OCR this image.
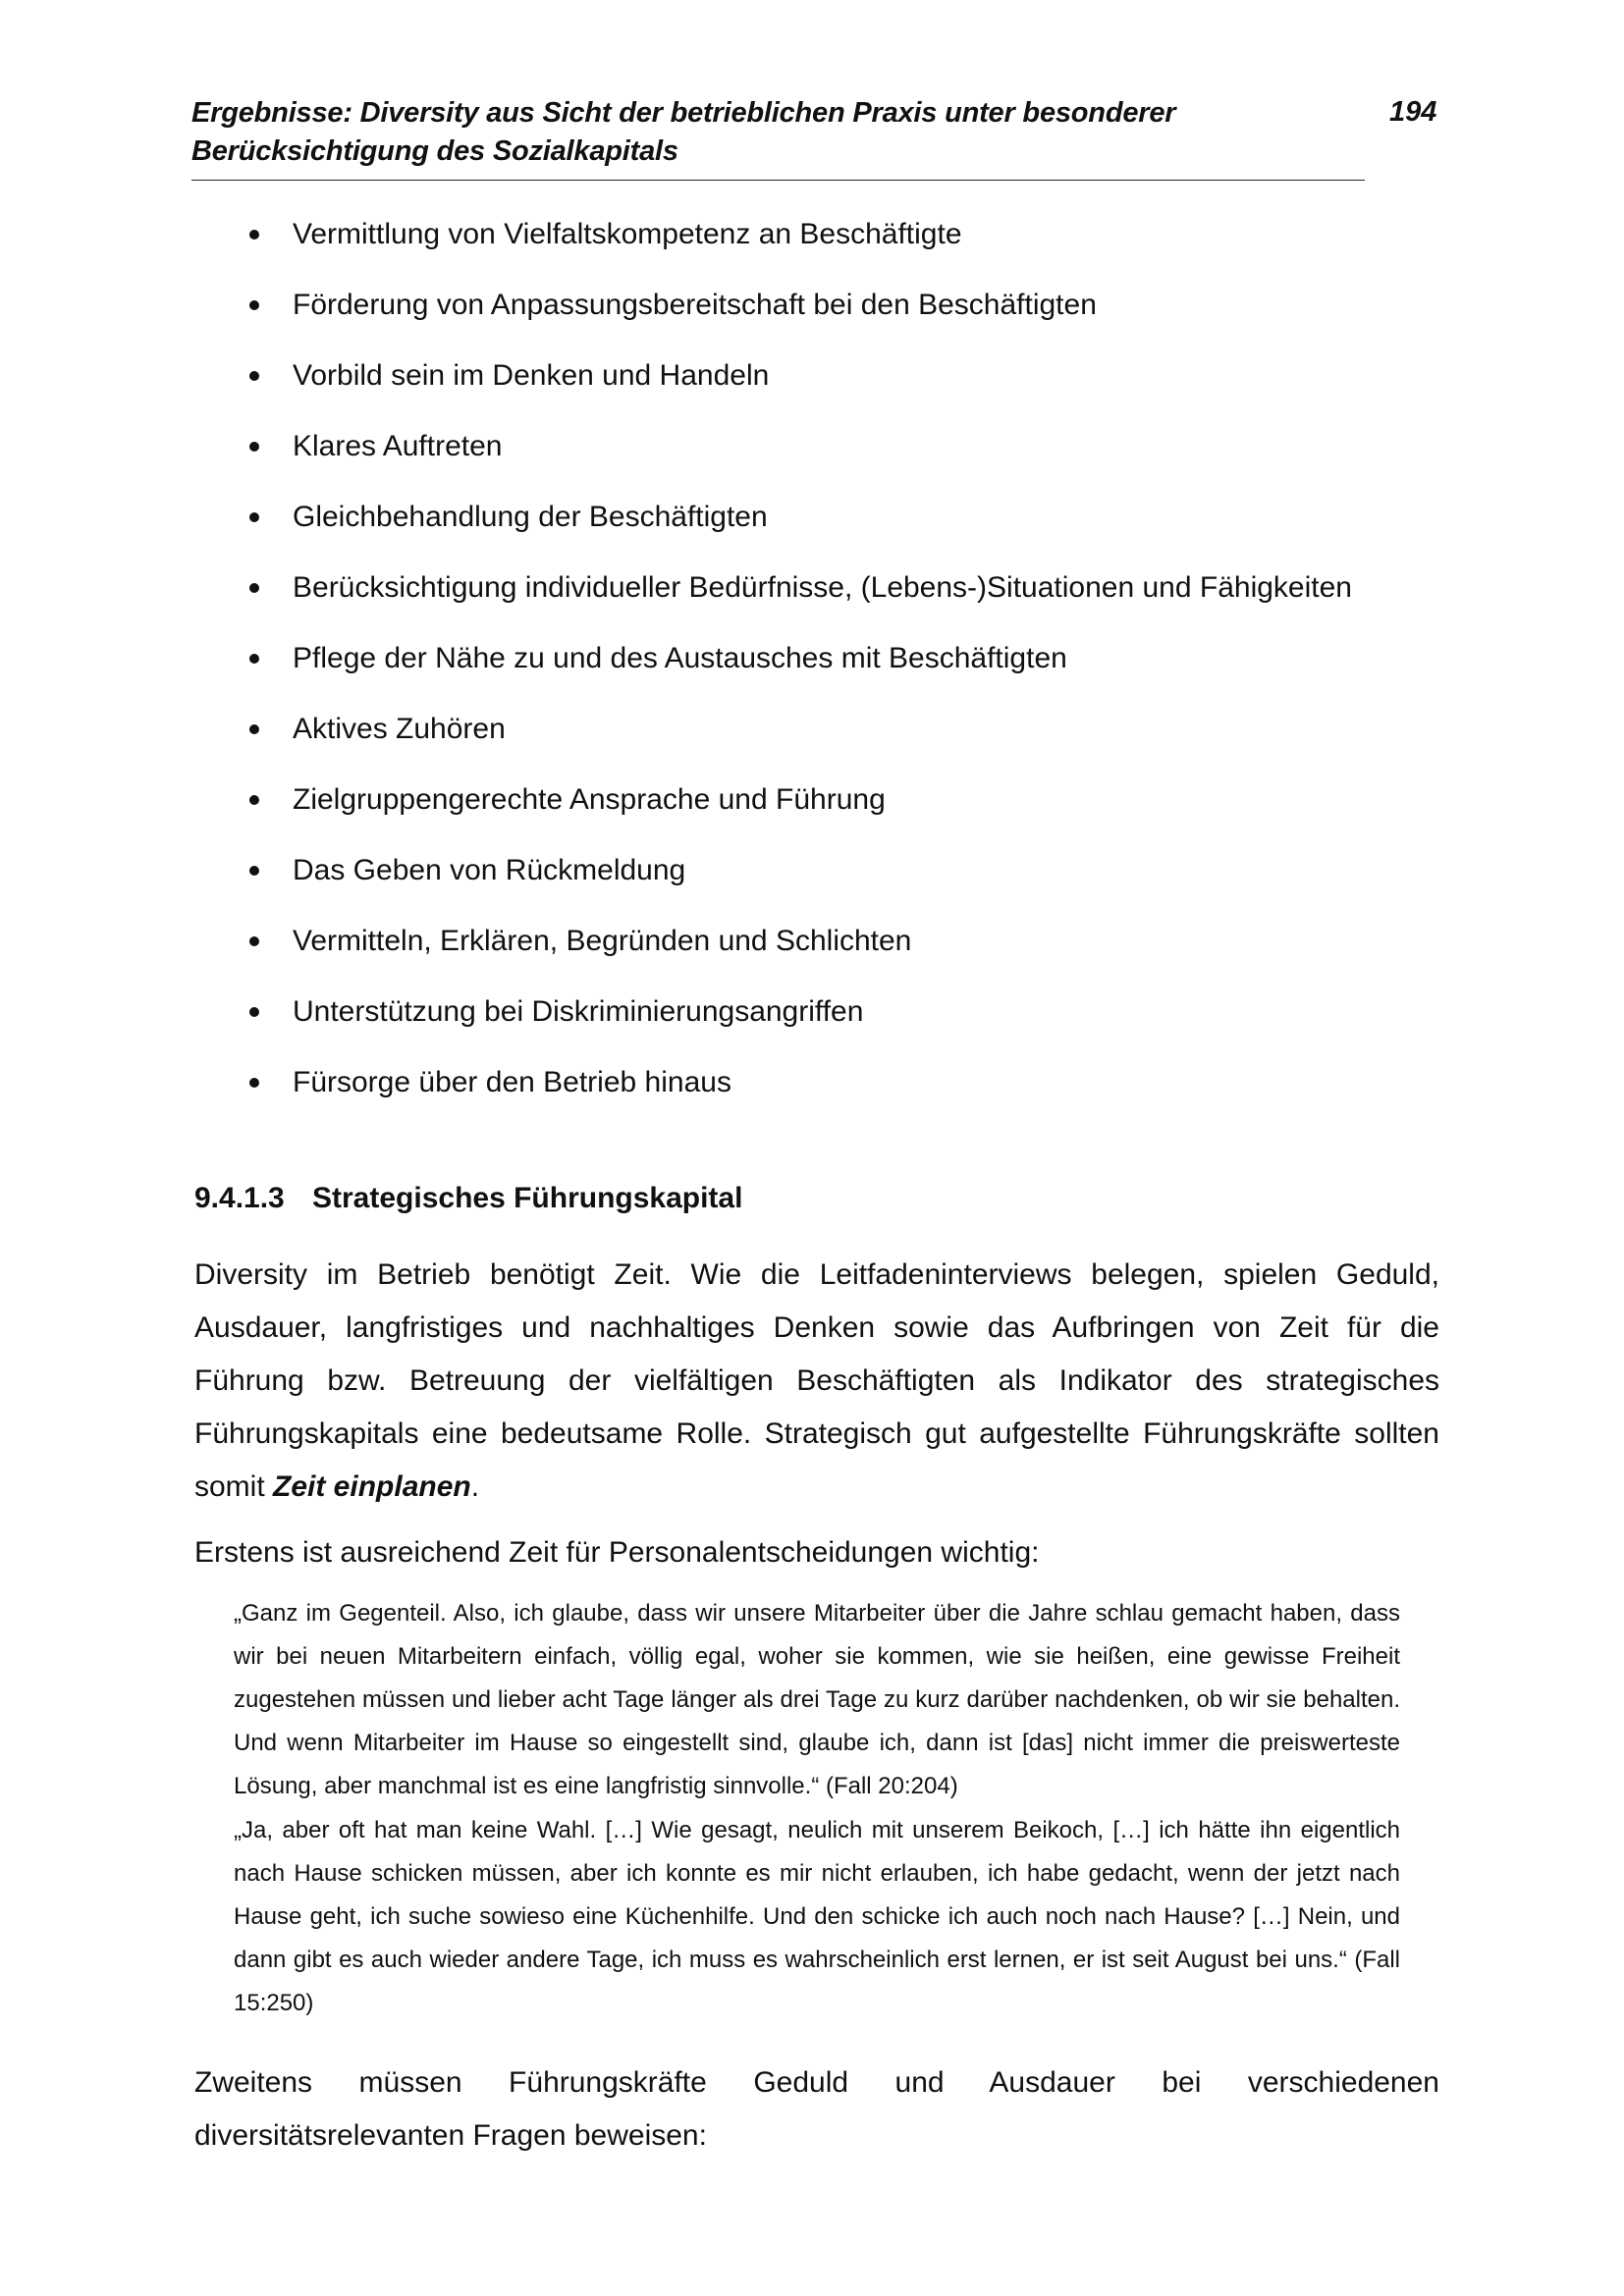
Ergebnisse: Diversity aus Sicht der betrieblichen Praxis unter besonderer
Berücksichtigung des Sozialkapitals
194
Vermittlung von Vielfaltskompetenz an Beschäftigte
Förderung von Anpassungsbereitschaft bei den Beschäftigten
Vorbild sein im Denken und Handeln
Klares Auftreten
Gleichbehandlung der Beschäftigten
Berücksichtigung individueller Bedürfnisse, (Lebens-)Situationen und Fähigkeiten
Pflege der Nähe zu und des Austausches mit Beschäftigten
Aktives Zuhören
Zielgruppengerechte Ansprache und Führung
Das Geben von Rückmeldung
Vermitteln, Erklären, Begründen und Schlichten
Unterstützung bei Diskriminierungsangriffen
Fürsorge über den Betrieb hinaus
9.4.1.3 Strategisches Führungskapital

Diversity im Betrieb benötigt Zeit. Wie die Leitfadeninterviews belegen, spielen Geduld, Ausdauer, langfristiges und nachhaltiges Denken sowie das Aufbringen von Zeit für die Führung bzw. Betreuung der vielfältigen Beschäftigten als Indikator des strategisches Führungskapitals eine bedeutsame Rolle. Strategisch gut aufgestellte Führungskräfte sollten somit Zeit einplanen.

Erstens ist ausreichend Zeit für Personalentscheidungen wichtig:

„Ganz im Gegenteil. Also, ich glaube, dass wir unsere Mitarbeiter über die Jahre schlau gemacht haben, dass wir bei neuen Mitarbeitern einfach, völlig egal, woher sie kommen, wie sie heißen, eine gewisse Freiheit zugestehen müssen und lieber acht Tage länger als drei Tage zu kurz darüber nachdenken, ob wir sie behalten. Und wenn Mitarbeiter im Hause so eingestellt sind, glaube ich, dann ist [das] nicht immer die preiswerteste Lösung, aber manchmal ist es eine langfristig sinnvolle.“ (Fall 20:204)

„Ja, aber oft hat man keine Wahl. […] Wie gesagt, neulich mit unserem Beikoch, […] ich hätte ihn eigentlich nach Hause schicken müssen, aber ich konnte es mir nicht erlauben, ich habe gedacht, wenn der jetzt nach Hause geht, ich suche sowieso eine Küchenhilfe. Und den schicke ich auch noch nach Hause? […] Nein, und dann gibt es auch wieder andere Tage, ich muss es wahrscheinlich erst lernen, er ist seit August bei uns.“ (Fall 15:250)

Zweitens müssen Führungskräfte Geduld und Ausdauer bei verschiedenen diversitätsrelevanten Fragen beweisen:
